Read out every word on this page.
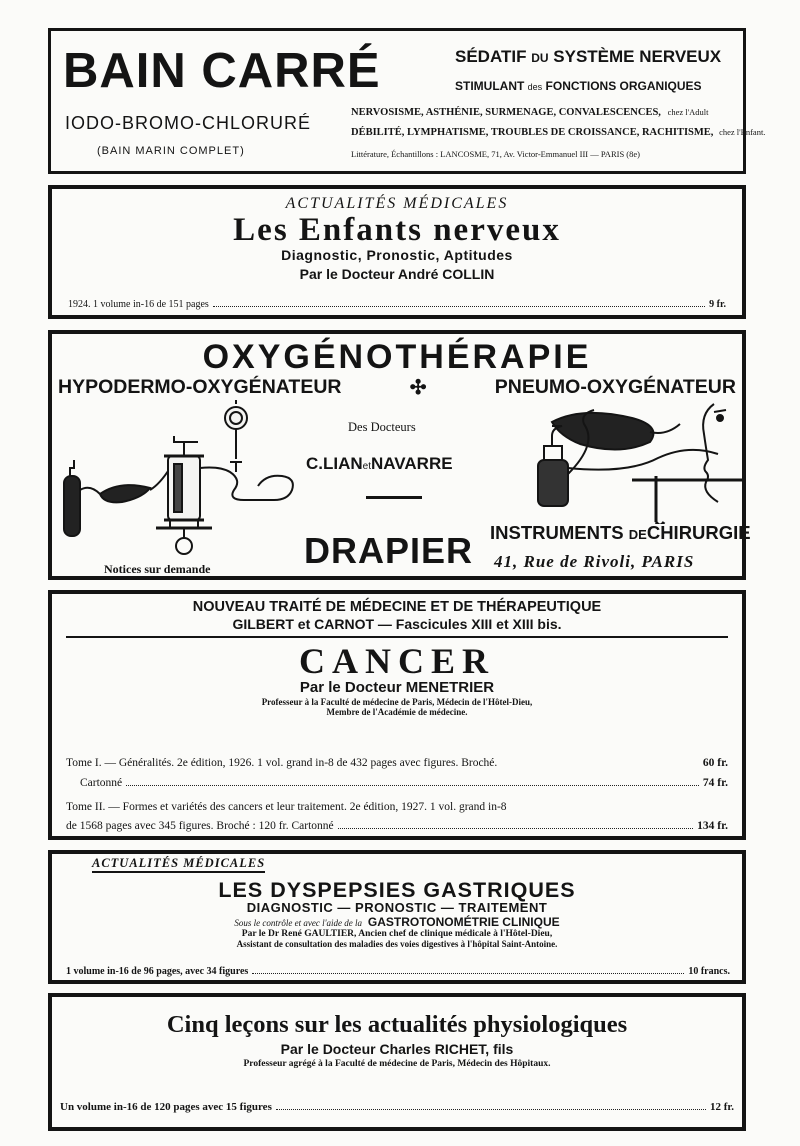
BAIN CARRÉ
IODO-BROMO-CHLORURÉ
(BAIN MARIN COMPLET)
SÉDATIF DU SYSTÈME NERVEUX
STIMULANT des FONCTIONS ORGANIQUES
NERVOSISME, ASTHÉNIE, SURMENAGE, CONVALESCENCES, chez l'Adult
DÉBILITÉ, LYMPHATISME, TROUBLES DE CROISSANCE, RACHITISME, chez l'Enfant.
Littérature, Échantillons : LANCOSME, 71, Av. Victor-Emmanuel III — PARIS (8e)
ACTUALITÉS MÉDICALES
Les Enfants nerveux
Diagnostic, Pronostic, Aptitudes
Par le Docteur André COLLIN
1924. 1 volume in-16 de 151 pages	9 fr.
OXYGÉNOTHÉRAPIE
HYPODERMO-OXYGÉNATEUR	✣	PNEUMO-OXYGÉNATEUR
Notices sur demande
Des Docteurs
C.LIANetNAVARRE
DRAPIER INSTRUMENTS DECHIRURGIE
41, Rue de Rivoli, PARIS
NOUVEAU TRAITÉ DE MÉDECINE ET DE THÉRAPEUTIQUE
GILBERT et CARNOT — Fascicules XIII et XIII bis.
CANCER
Par le Docteur MENETRIER
Professeur à la Faculté de médecine de Paris, Médecin de l'Hôtel-Dieu,
Membre de l'Académie de médecine.
Tome I. — Généralités. 2e édition, 1926. 1 vol. grand in-8 de 432 pages avec figures. Broché.	60 fr.
Cartonné	74 fr.
Tome II. — Formes et variétés des cancers et leur traitement. 2e édition, 1927. 1 vol. grand in-8
de 1568 pages avec 345 figures. Broché : 120 fr. Cartonné	134 fr.
ACTUALITÉS MÉDICALES
LES DYSPEPSIES GASTRIQUES
DIAGNOSTIC — PRONOSTIC — TRAITEMENT
Sous le contrôle et avec l'aide de la GASTROTONOMÉTRIE CLINIQUE
Par le Dr René GAULTIER, Ancien chef de clinique médicale à l'Hôtel-Dieu,
Assistant de consultation des maladies des voies digestives à l'hôpital Saint-Antoine.
1 volume in-16 de 96 pages, avec 34 figures	10 francs.
Cinq leçons sur les actualités physiologiques
Par le Docteur Charles RICHET, fils
Professeur agrégé à la Faculté de médecine de Paris, Médecin des Hôpitaux.
Un volume in-16 de 120 pages avec 15 figures	12 fr.
